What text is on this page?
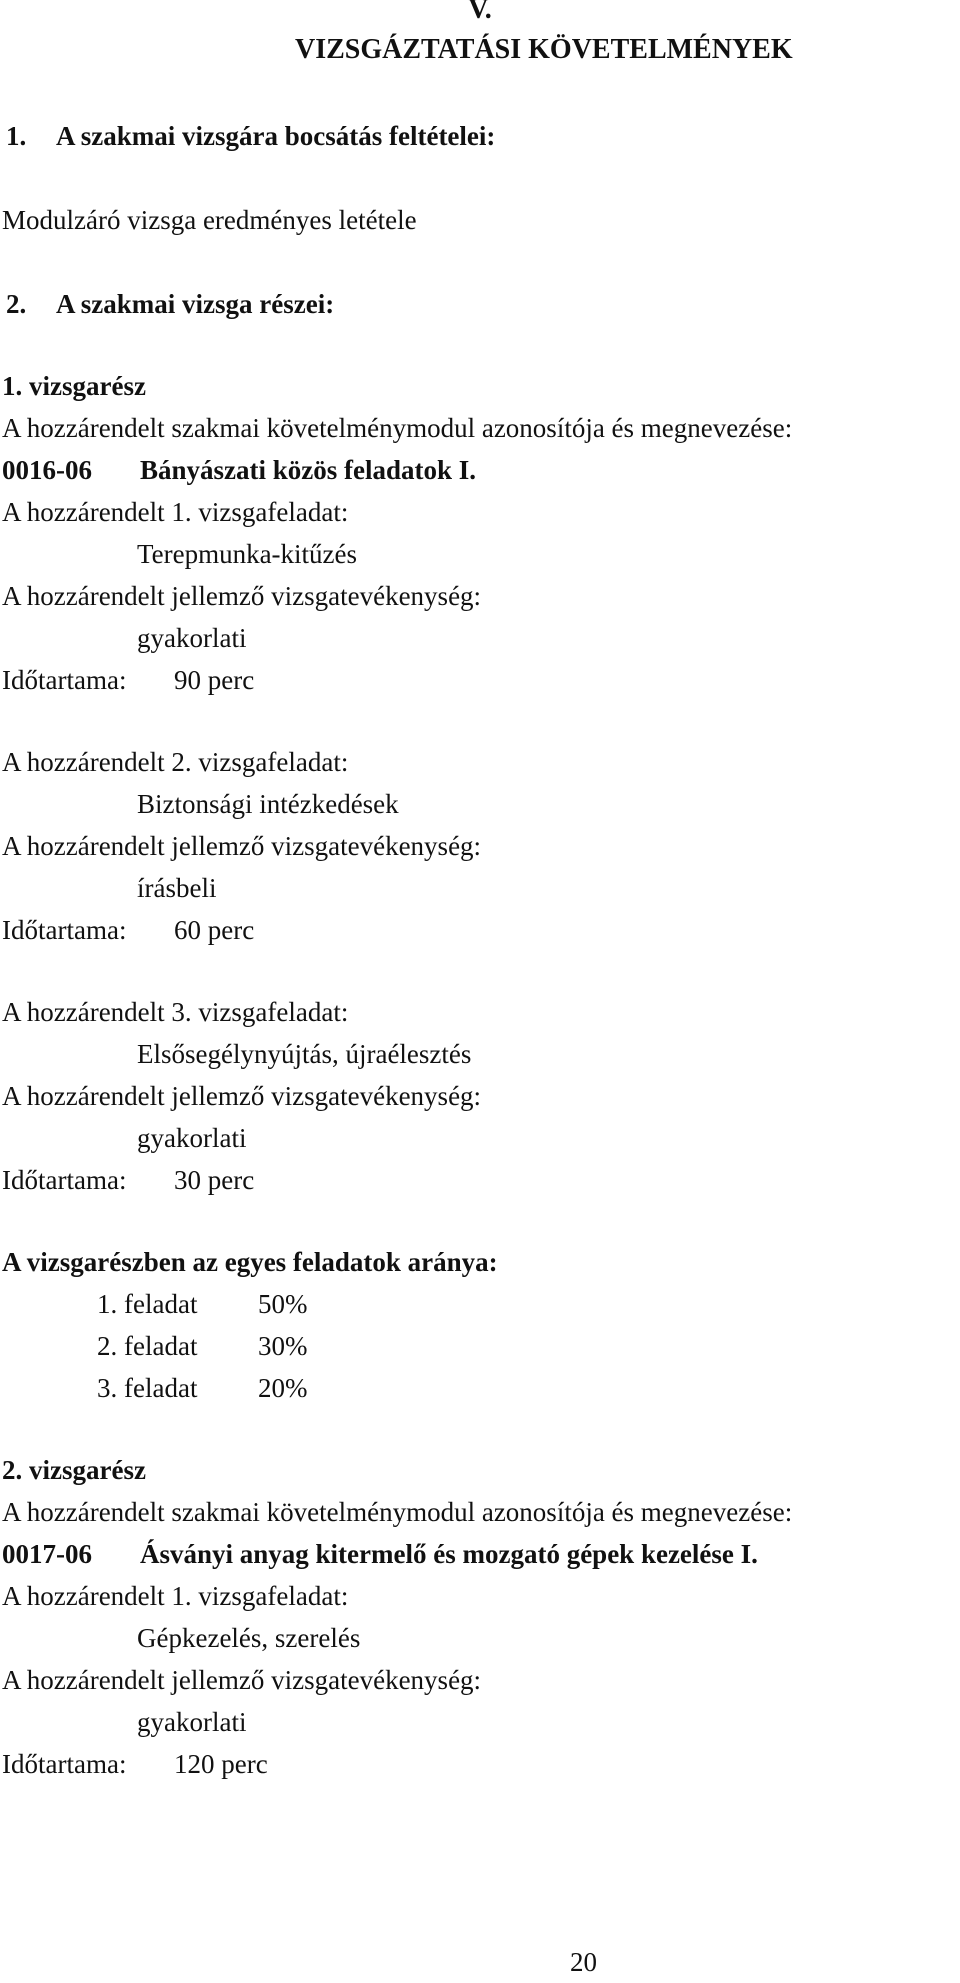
V.
VIZSGÁZTATÁSI KÖVETELMÉNYEK
1. A szakmai vizsgára bocsátás feltételei:
Modulzáró vizsga eredményes letétele
2. A szakmai vizsga részei:
1. vizsgarész
A hozzárendelt szakmai követelménymodul azonosítója és megnevezése:
0016-06 Bányászati közös feladatok I.
A hozzárendelt 1. vizsgafeladat:
Terepmunka-kitűzés
A hozzárendelt jellemző vizsgatevékenység:
gyakorlati
Időtartama: 90 perc
A hozzárendelt 2. vizsgafeladat:
Biztonsági intézkedések
A hozzárendelt jellemző vizsgatevékenység:
írásbeli
Időtartama: 60 perc
A hozzárendelt 3. vizsgafeladat:
Elsősegélynyújtás, újraélesztés
A hozzárendelt jellemző vizsgatevékenység:
gyakorlati
Időtartama: 30 perc
A vizsgarészben az egyes feladatok aránya:
1. feladat 50%
2. feladat 30%
3. feladat 20%
2. vizsgarész
A hozzárendelt szakmai követelménymodul azonosítója és megnevezése:
0017-06 Ásványi anyag kitermelő és mozgató gépek kezelése I.
A hozzárendelt 1. vizsgafeladat:
Gépkezelés, szerelés
A hozzárendelt jellemző vizsgatevékenység:
gyakorlati
Időtartama: 120 perc
20
